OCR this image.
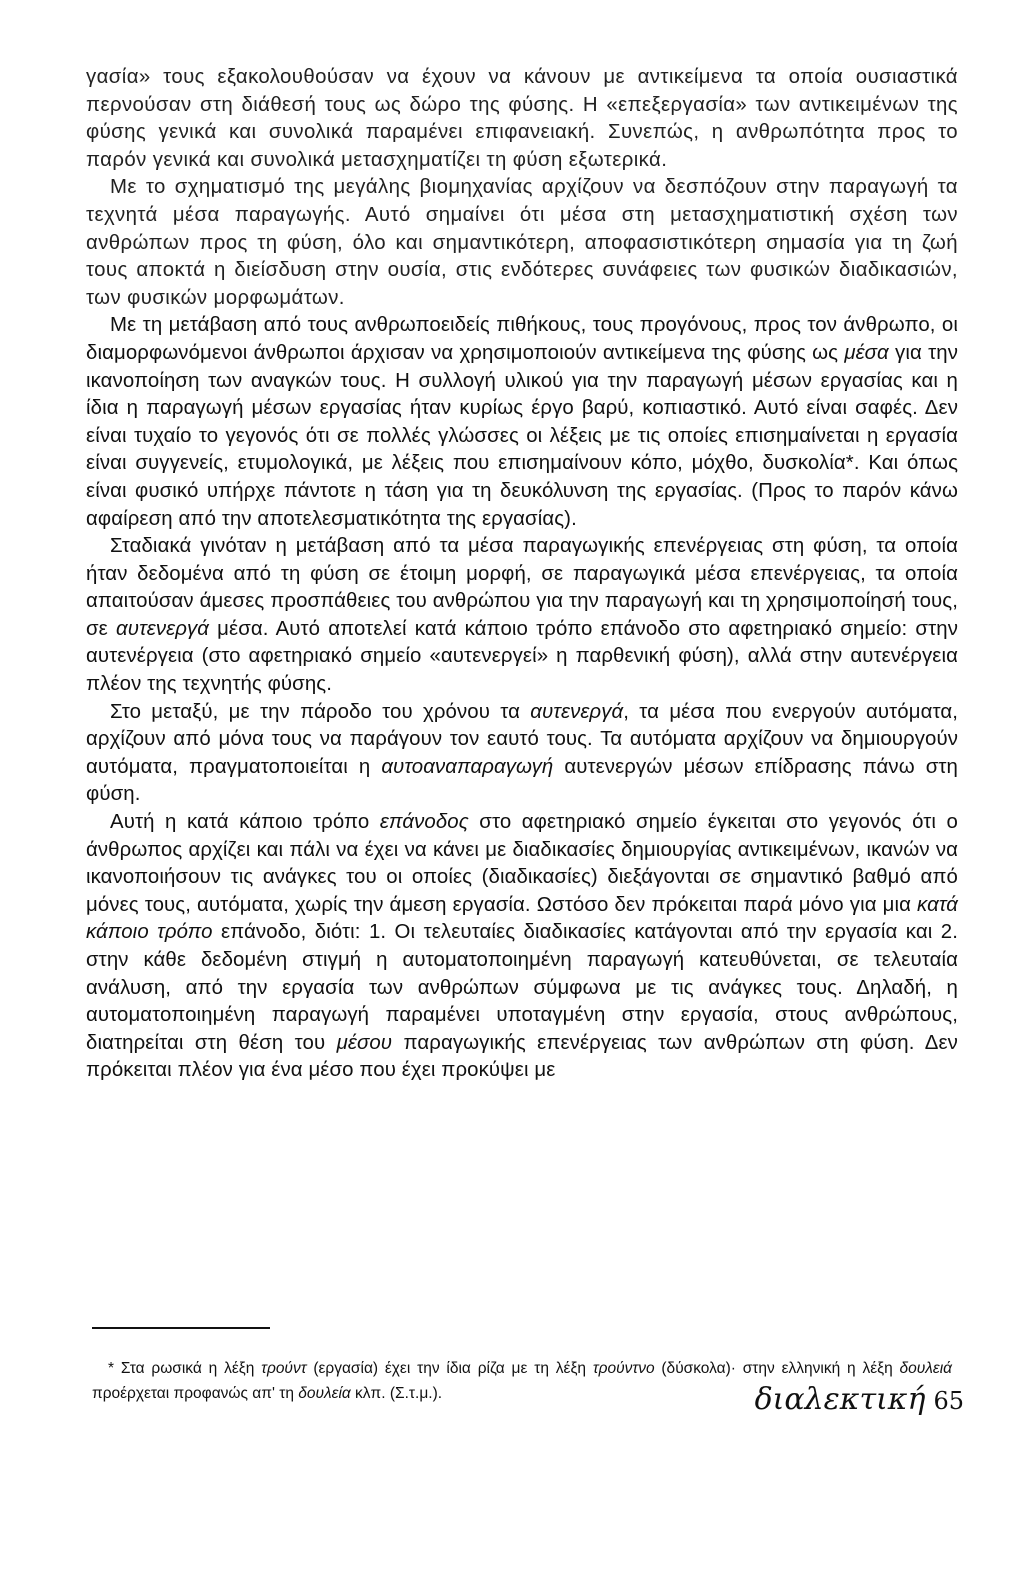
γασία» τους εξακολουθούσαν να έχουν να κάνουν με αντικείμενα τα οποία ουσιαστικά περνούσαν στη διάθεσή τους ως δώρο της φύσης. Η «επεξεργασία» των αντικειμένων της φύσης γενικά και συνολικά παραμένει επιφανειακή. Συνεπώς, η ανθρωπότητα προς το παρόν γενικά και συνολικά μετασχηματίζει τη φύση εξωτερικά.

Με το σχηματισμό της μεγάλης βιομηχανίας αρχίζουν να δεσπόζουν στην παραγωγή τα τεχνητά μέσα παραγωγής. Αυτό σημαίνει ότι μέσα στη μετασχηματιστική σχέση των ανθρώπων προς τη φύση, όλο και σημαντικότερη, αποφασιστικότερη σημασία για τη ζωή τους αποκτά η διείσδυση στην ουσία, στις ενδότερες συνάφειες των φυσικών διαδικασιών, των φυσικών μορφωμάτων.

Με τη μετάβαση από τους ανθρωποειδείς πιθήκους, τους προγόνους, προς τον άνθρωπο, οι διαμορφωνόμενοι άνθρωποι άρχισαν να χρησιμοποιούν αντικείμενα της φύσης ως μέσα για την ικανοποίηση των αναγκών τους. Η συλλογή υλικού για την παραγωγή μέσων εργασίας και η ίδια η παραγωγή μέσων εργασίας ήταν κυρίως έργο βαρύ, κοπιαστικό. Αυτό είναι σαφές. Δεν είναι τυχαίο το γεγονός ότι σε πολλές γλώσσες οι λέξεις με τις οποίες επισημαίνεται η εργασία είναι συγγενείς, ετυμολογικά, με λέξεις που επισημαίνουν κόπο, μόχθο, δυσκολία*. Και όπως είναι φυσικό υπήρχε πάντοτε η τάση για τη δευκόλυνση της εργασίας. (Προς το παρόν κάνω αφαίρεση από την αποτελεσματικότητα της εργασίας).

Σταδιακά γινόταν η μετάβαση από τα μέσα παραγωγικής επενέργειας στη φύση, τα οποία ήταν δεδομένα από τη φύση σε έτοιμη μορφή, σε παραγωγικά μέσα επενέργειας, τα οποία απαιτούσαν άμεσες προσπάθειες του ανθρώπου για την παραγωγή και τη χρησιμοποίησή τους, σε αυτενεργά μέσα. Αυτό αποτελεί κατά κάποιο τρόπο επάνοδο στο αφετηριακό σημείο: στην αυτενέργεια (στο αφετηριακό σημείο «αυτενεργεί» η παρθενική φύση), αλλά στην αυτενέργεια πλέον της τεχνητής φύσης.

Στο μεταξύ, με την πάροδο του χρόνου τα αυτενεργά, τα μέσα που ενεργούν αυτόματα, αρχίζουν από μόνα τους να παράγουν τον εαυτό τους. Τα αυτόματα αρχίζουν να δημιουργούν αυτόματα, πραγματοποιείται η αυτοαναπαραγωγή αυτενεργών μέσων επίδρασης πάνω στη φύση.

Αυτή η κατά κάποιο τρόπο επάνοδος στο αφετηριακό σημείο έγκειται στο γεγονός ότι ο άνθρωπος αρχίζει και πάλι να έχει να κάνει με διαδικασίες δημιουργίας αντικειμένων, ικανών να ικανοποιήσουν τις ανάγκες του οι οποίες (διαδικασίες) διεξάγονται σε σημαντικό βαθμό από μόνες τους, αυτόματα, χωρίς την άμεση εργασία. Ωστόσο δεν πρόκειται παρά μόνο για μια κατά κάποιο τρόπο επάνοδο, διότι: 1. Οι τελευταίες διαδικασίες κατάγονται από την εργασία και 2. στην κάθε δεδομένη στιγμή η αυτοματοποιημένη παραγωγή κατευθύνεται, σε τελευταία ανάλυση, από την εργασία των ανθρώπων σύμφωνα με τις ανάγκες τους. Δηλαδή, η αυτοματοποιημένη παραγωγή παραμένει υποταγμένη στην εργασία, στους ανθρώπους, διατηρείται στη θέση του μέσου παραγωγικής επενέργειας των ανθρώπων στη φύση. Δεν πρόκειται πλέον για ένα μέσο που έχει προκύψει με

* Στα ρωσικά η λέξη τρούντ (εργασία) έχει την ίδια ρίζα με τη λέξη τρούντνο (δύσκολα)· στην ελληνική η λέξη δουλειά προέρχεται προφανώς απ' τη δουλεία κλπ. (Σ.τ.μ.).	διαλεκτική 65
